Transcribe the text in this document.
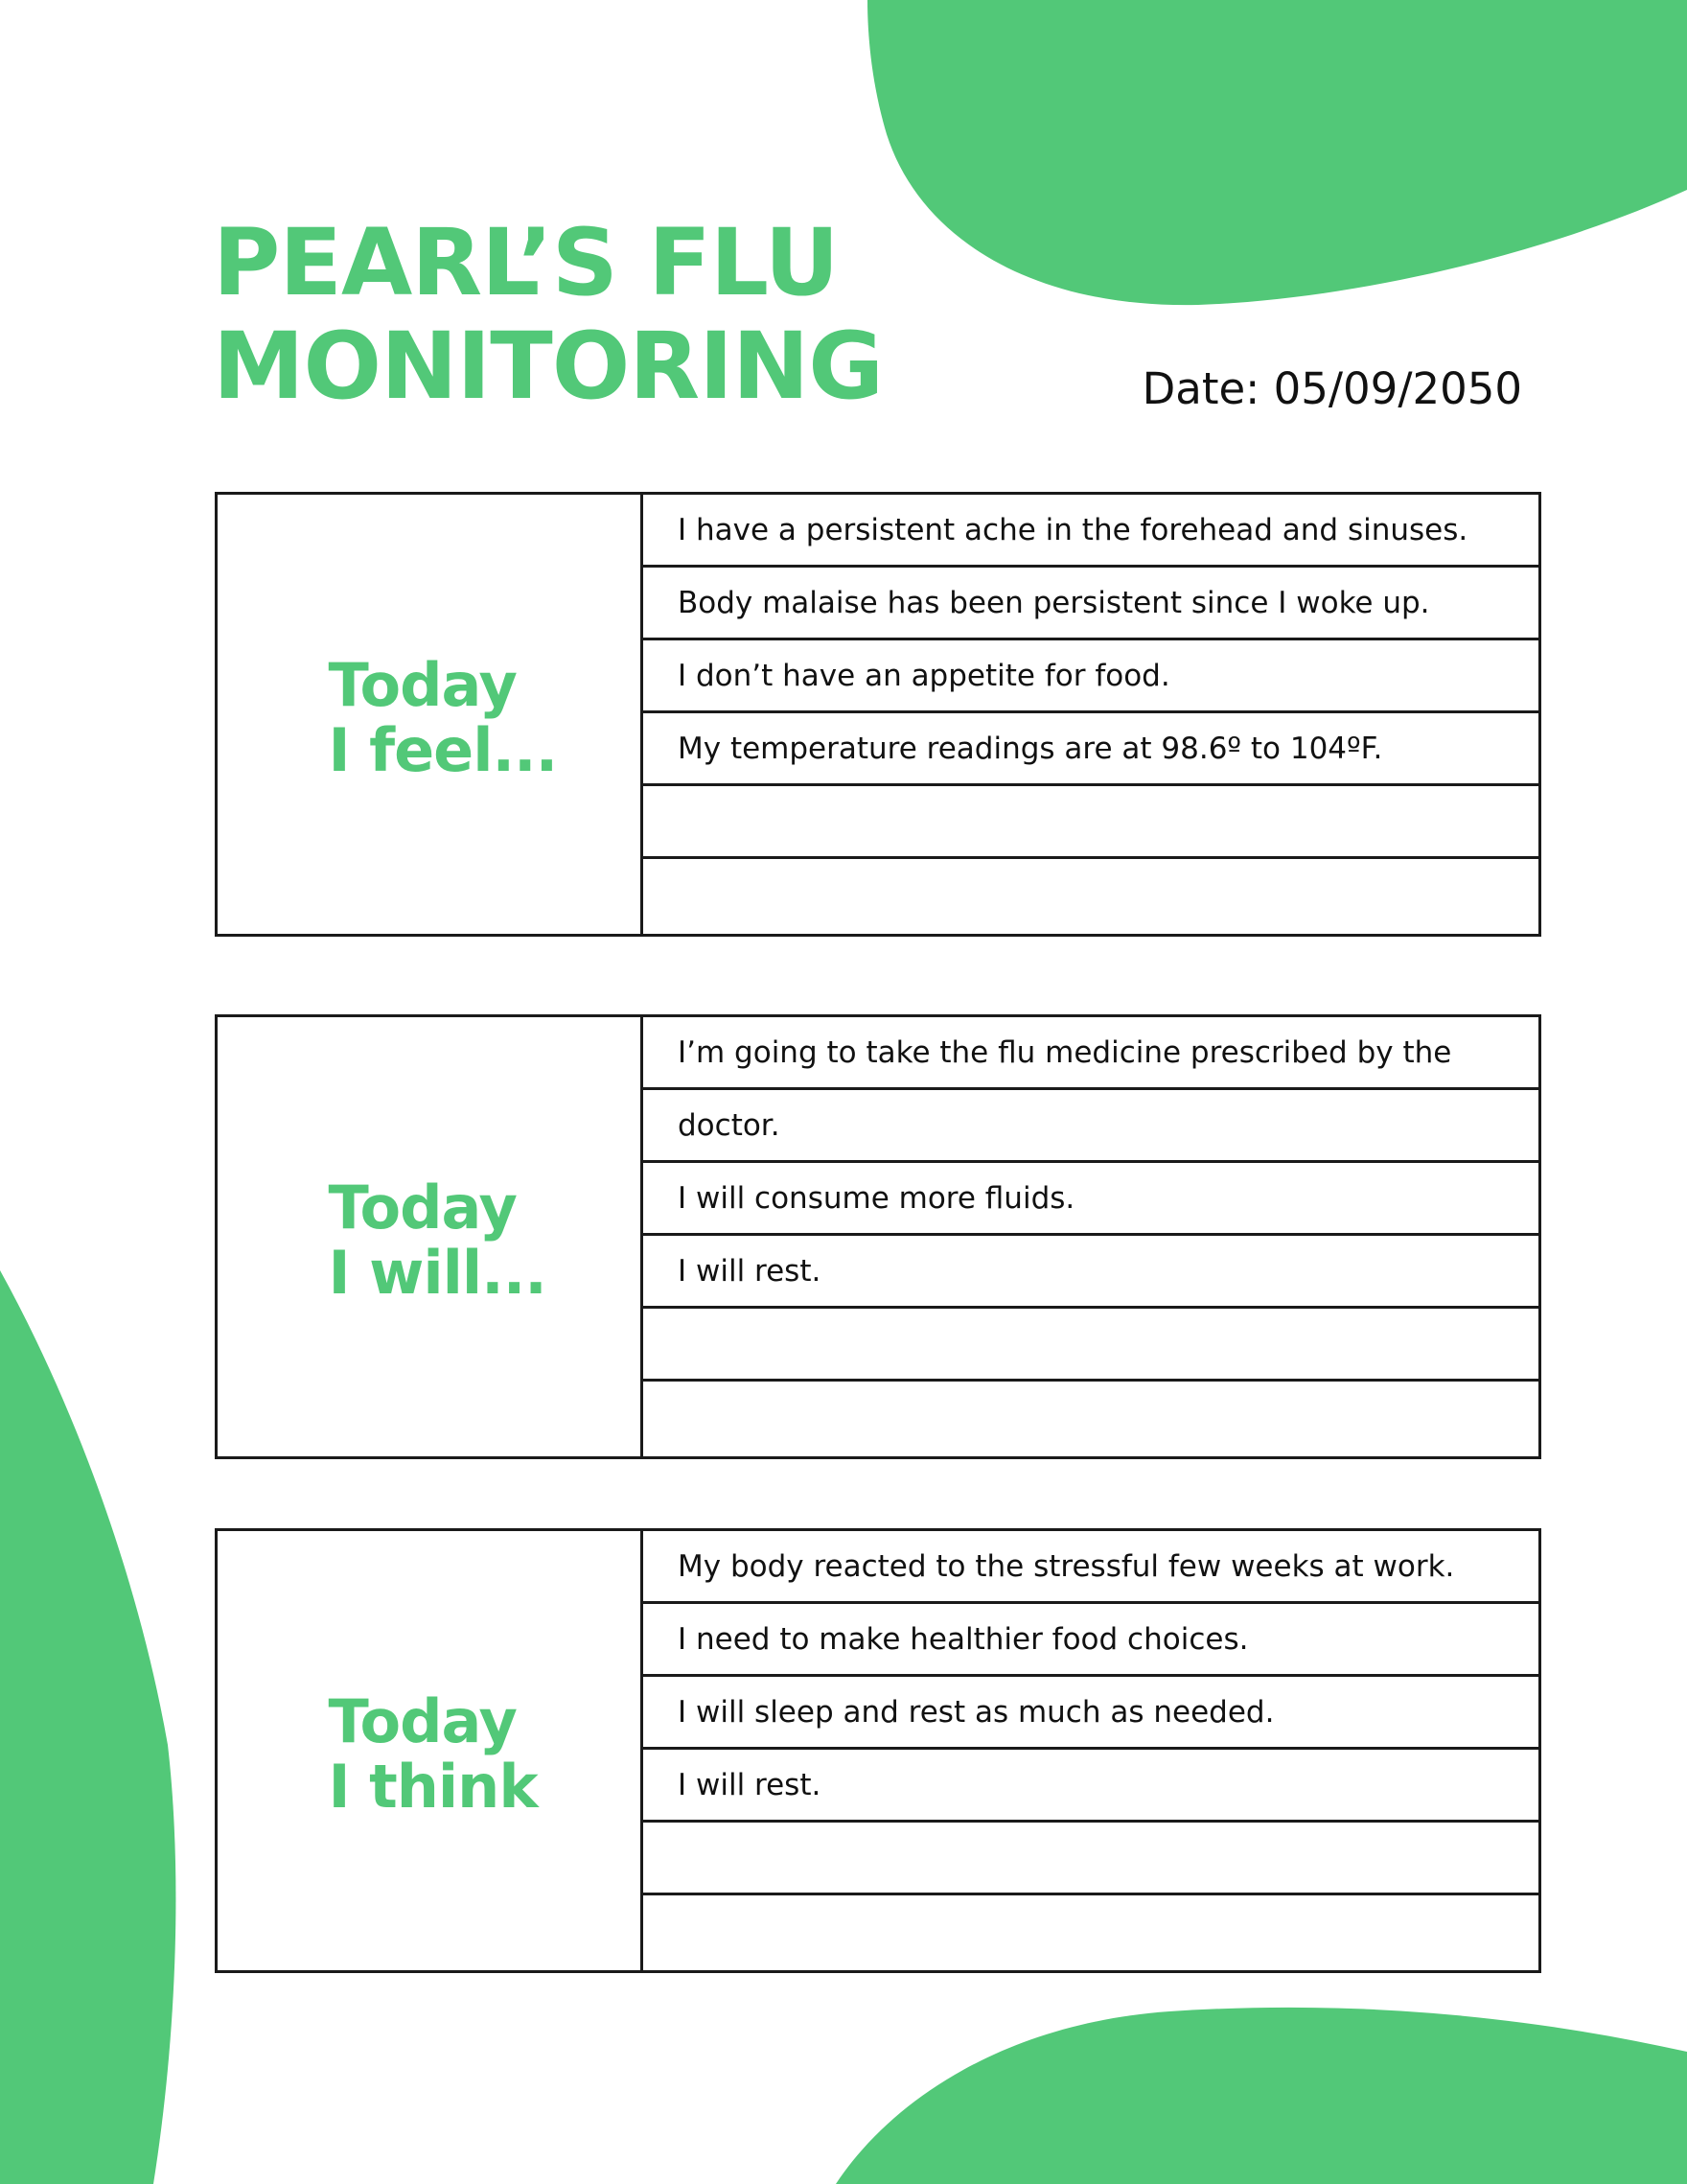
PEARL’S FLU
MONITORING	Date: 05/09/2050
Today
I feel...
I have a persistent ache in the forehead and sinuses.
Body malaise has been persistent since I woke up.
I don’t have an appetite for food.
My temperature readings are at 98.6º to 104ºF.
Today
I will...
I’m going to take the flu medicine prescribed by the
doctor.
I will consume more fluids.
I will rest.
Today
I think
My body reacted to the stressful few weeks at work.
I need to make healthier food choices.
I will sleep and rest as much as needed.
I will rest.
